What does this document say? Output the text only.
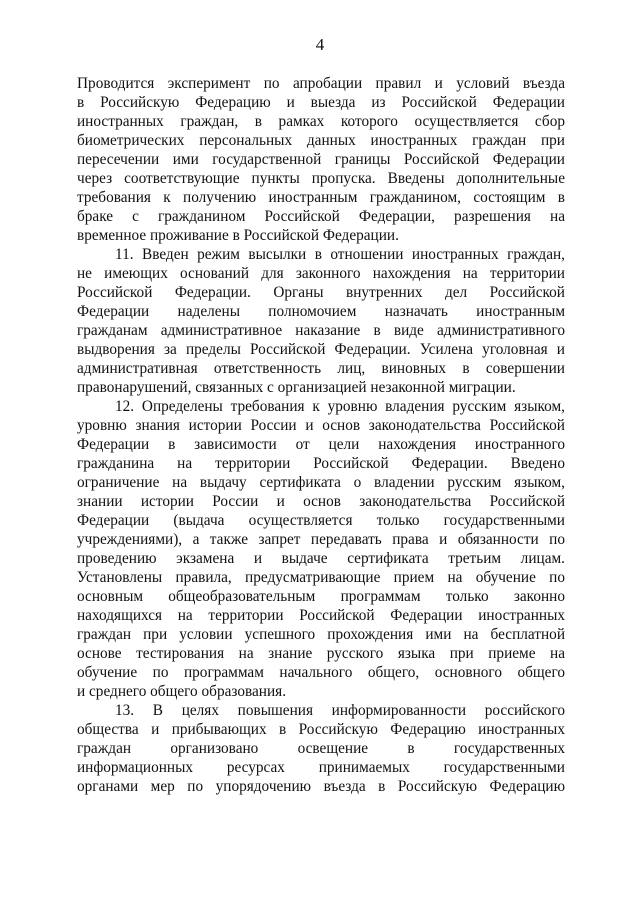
4
Проводится эксперимент по апробации правил и условий въезда
в Российскую Федерацию и выезда из Российской Федерации
иностранных граждан, в рамках которого осуществляется сбор
биометрических персональных данных иностранных граждан при
пересечении ими государственной границы Российской Федерации
через соответствующие пункты пропуска. Введены дополнительные
требования к получению иностранным гражданином, состоящим в
браке с гражданином Российской Федерации, разрешения на
временное проживание в Российской Федерации.
11. Введен режим высылки в отношении иностранных граждан,
не имеющих оснований для законного нахождения на территории
Российской Федерации. Органы внутренних дел Российской
Федерации наделены полномочием назначать иностранным
гражданам административное наказание в виде административного
выдворения за пределы Российской Федерации. Усилена уголовная и
административная ответственность лиц, виновных в совершении
правонарушений, связанных с организацией незаконной миграции.
12. Определены требования к уровню владения русским языком,
уровню знания истории России и основ законодательства Российской
Федерации в зависимости от цели нахождения иностранного
гражданина на территории Российской Федерации. Введено
ограничение на выдачу сертификата о владении русским языком,
знании истории России и основ законодательства Российской
Федерации (выдача осуществляется только государственными
учреждениями), а также запрет передавать права и обязанности по
проведению экзамена и выдаче сертификата третьим лицам.
Установлены правила, предусматривающие прием на обучение по
основным общеобразовательным программам только законно
находящихся на территории Российской Федерации иностранных
граждан при условии успешного прохождения ими на бесплатной
основе тестирования на знание русского языка при приеме на
обучение по программам начального общего, основного общего
и среднего общего образования.
13. В целях повышения информированности российского
общества и прибывающих в Российскую Федерацию иностранных
граждан организовано освещение в государственных
информационных ресурсах принимаемых государственными
органами мер по упорядочению въезда в Российскую Федерацию
